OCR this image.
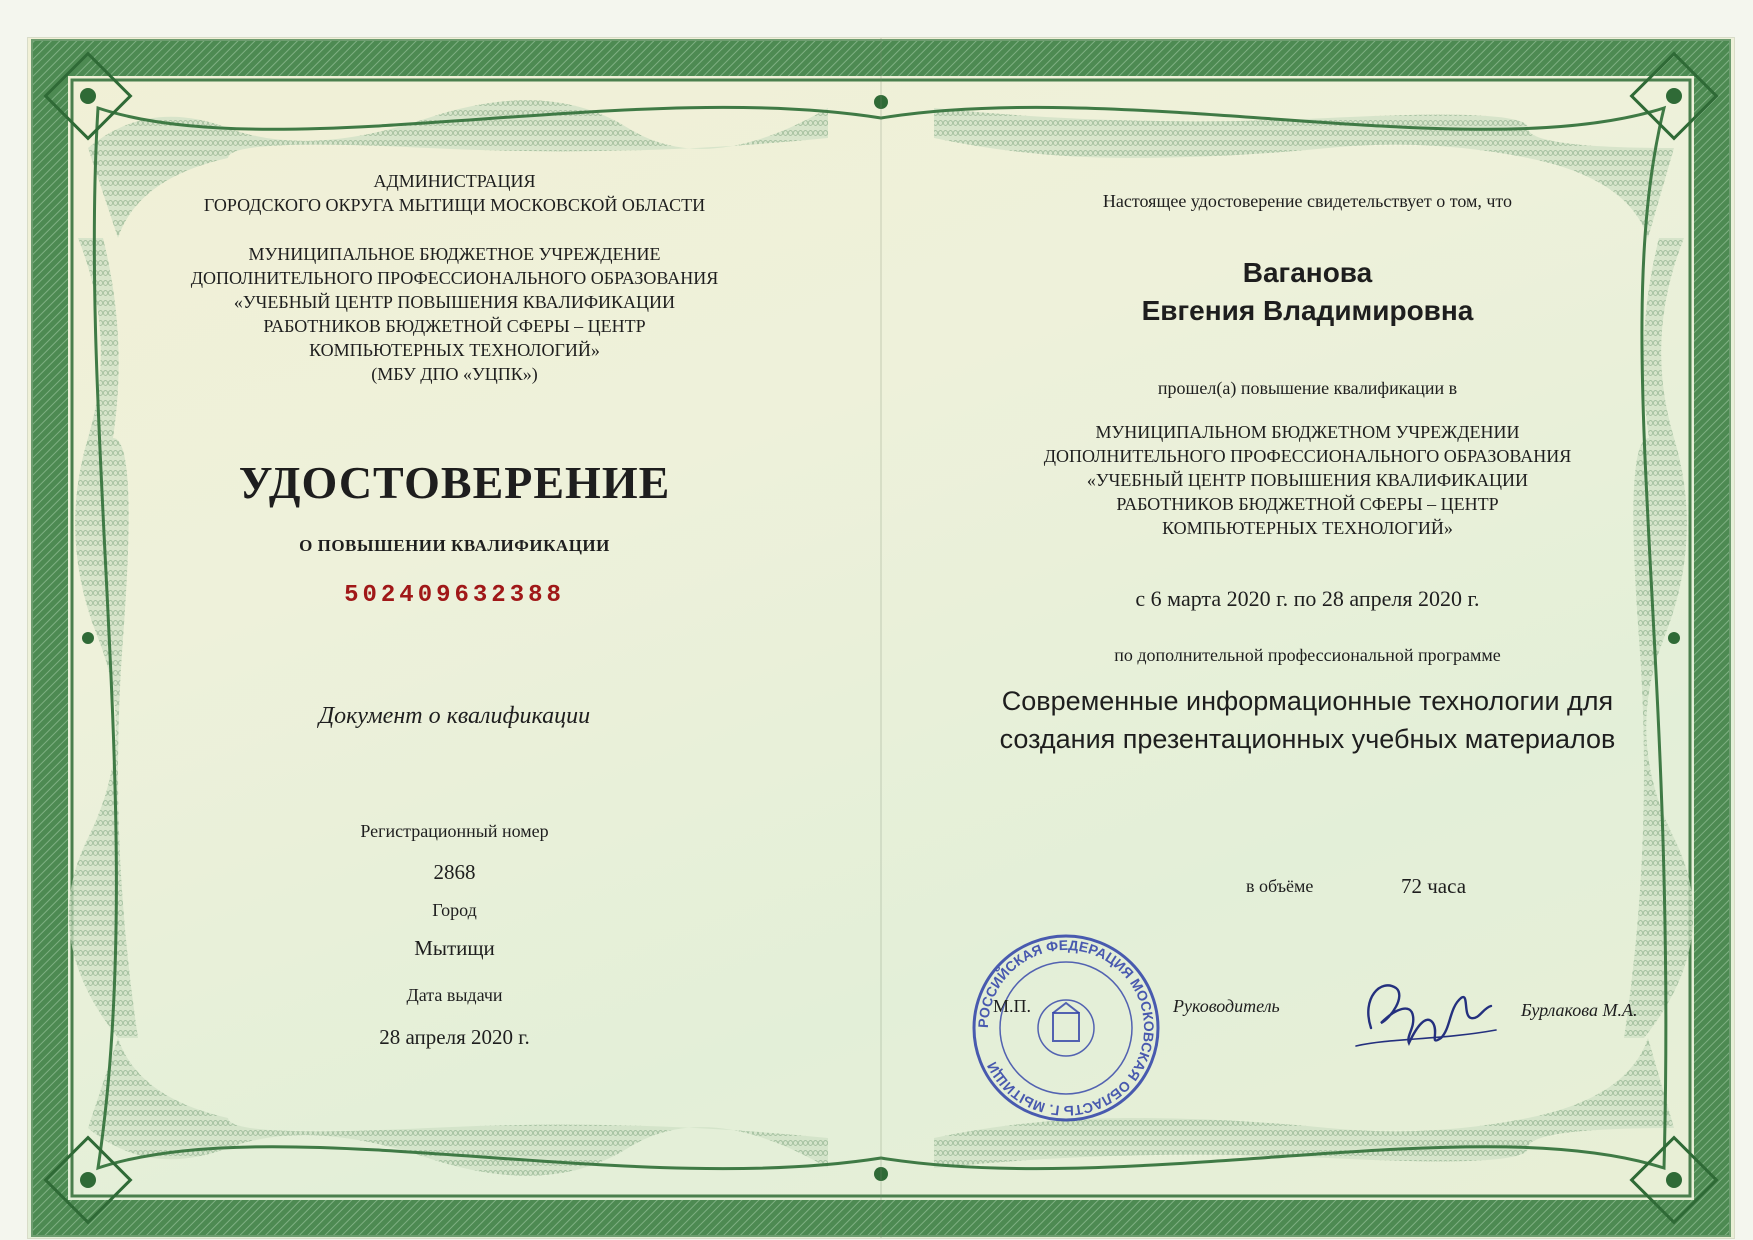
АДМИНИСТРАЦИЯ
ГОРОДСКОГО ОКРУГА МЫТИЩИ МОСКОВСКОЙ ОБЛАСТИ
МУНИЦИПАЛЬНОЕ БЮДЖЕТНОЕ УЧРЕЖДЕНИЕ
ДОПОЛНИТЕЛЬНОГО ПРОФЕССИОНАЛЬНОГО ОБРАЗОВАНИЯ
«УЧЕБНЫЙ ЦЕНТР ПОВЫШЕНИЯ КВАЛИФИКАЦИИ
РАБОТНИКОВ БЮДЖЕТНОЙ СФЕРЫ – ЦЕНТР
КОМПЬЮТЕРНЫХ ТЕХНОЛОГИЙ»
(МБУ ДПО «УЦПК»)
УДОСТОВЕРЕНИЕ
О ПОВЫШЕНИИ КВАЛИФИКАЦИИ
502409632388
Документ о квалификации
Регистрационный номер
2868
Город
Мытищи
Дата выдачи
28 апреля 2020 г.
Настоящее удостоверение свидетельствует о том, что
Ваганова
Евгения Владимировна
прошел(а) повышение квалификации в
МУНИЦИПАЛЬНОМ БЮДЖЕТНОМ УЧРЕЖДЕНИИ
ДОПОЛНИТЕЛЬНОГО ПРОФЕССИОНАЛЬНОГО ОБРАЗОВАНИЯ
«УЧЕБНЫЙ ЦЕНТР ПОВЫШЕНИЯ КВАЛИФИКАЦИИ
РАБОТНИКОВ БЮДЖЕТНОЙ СФЕРЫ – ЦЕНТР
КОМПЬЮТЕРНЫХ ТЕХНОЛОГИЙ»
с 6 марта 2020 г. по 28 апреля 2020 г.
по дополнительной профессиональной программе
Современные информационные технологии для
создания презентационных учебных материалов
в объёме	72 часа
РОССИЙСКАЯ ФЕДЕРАЦИЯ МОСКОВСКАЯ ОБЛАСТЬ Г. МЫТИЩИ
М.П.	Руководитель	Бурлакова М.А.
